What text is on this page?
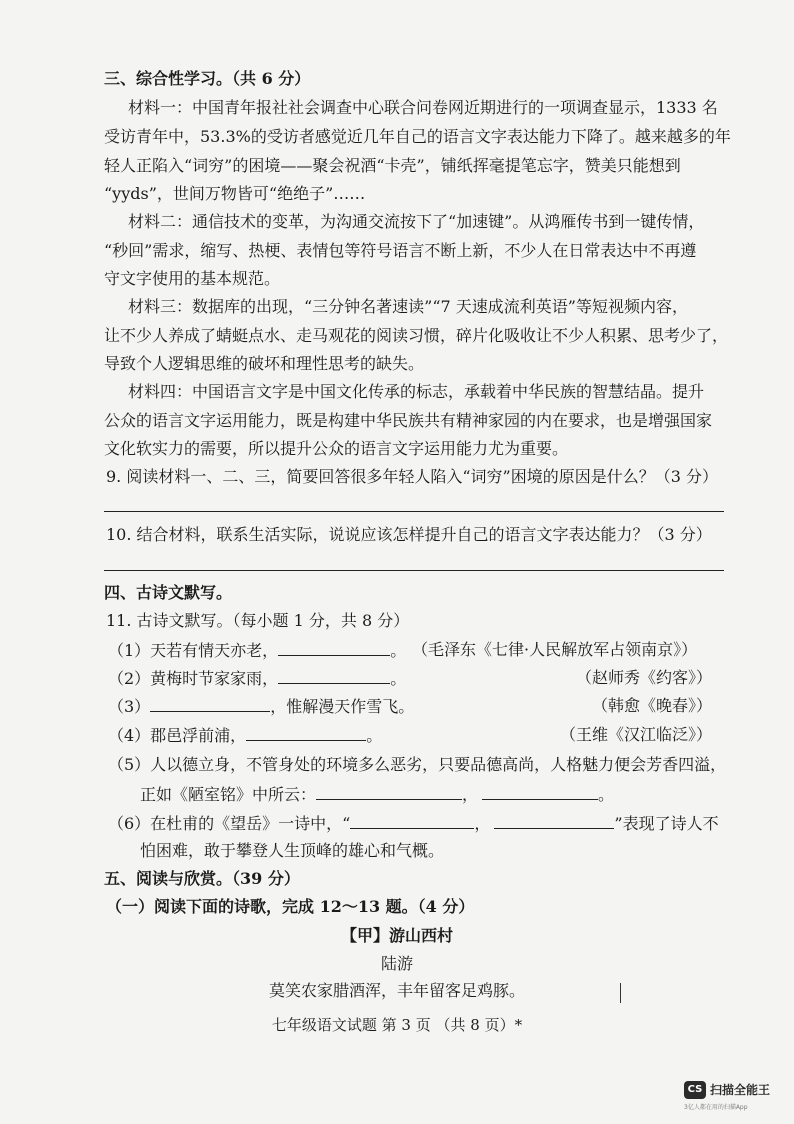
三、综合性学习。（共 6 分）
材料一：中国青年报社社会调查中心联合问卷网近期进行的一项调查显示，1333 名
受访青年中，53.3%的受访者感觉近几年自己的语言文字表达能力下降了。越来越多的年
轻人正陷入“词穷”的困境——聚会祝酒“卡壳”，铺纸挥毫提笔忘字，赞美只能想到
“yyds”，世间万物皆可“绝绝子”……
材料二：通信技术的变革，为沟通交流按下了“加速键”。从鸿雁传书到一键传情，
“秒回”需求，缩写、热梗、表情包等符号语言不断上新，不少人在日常表达中不再遵
守文字使用的基本规范。
材料三：数据库的出现，“三分钟名著速读”“7 天速成流利英语”等短视频内容，
让不少人养成了蜻蜓点水、走马观花的阅读习惯，碎片化吸收让不少人积累、思考少了，
导致个人逻辑思维的破坏和理性思考的缺失。
材料四：中国语言文字是中国文化传承的标志，承载着中华民族的智慧结晶。提升
公众的语言文字运用能力，既是构建中华民族共有精神家园的内在要求，也是增强国家
文化软实力的需要，所以提升公众的语言文字运用能力尤为重要。
9. 阅读材料一、二、三，简要回答很多年轻人陷入“词穷”困境的原因是什么？（3 分）
10. 结合材料，联系生活实际，说说应该怎样提升自己的语言文字表达能力？（3 分）
四、古诗文默写。
11. 古诗文默写。（每小题 1 分，共 8 分）
（1）天若有情天亦老，	。 （毛泽东《七律·人民解放军占领南京》）
（2）黄梅时节家家雨，	。	（赵师秀《约客》）
（3）	，惟解漫天作雪飞。	（韩愈《晚春》）
（4）郡邑浮前浦，	。	（王维《汉江临泛》）
（5）人以德立身，不管身处的环境多么恶劣，只要品德高尚，人格魅力便会芳香四溢，
正如《陋室铭》中所云：	，	。
（6）在杜甫的《望岳》一诗中，“	，	”表现了诗人不
怕困难，敢于攀登人生顶峰的雄心和气概。
五、阅读与欣赏。（39 分）
（一）阅读下面的诗歌，完成 12～13 题。（4 分）
【甲】游山西村
陆游
莫笑农家腊酒浑，丰年留客足鸡豚。
七年级语文试题 第 3 页 （共 8 页）*
CS 扫描全能王
3亿人都在用的扫描App
